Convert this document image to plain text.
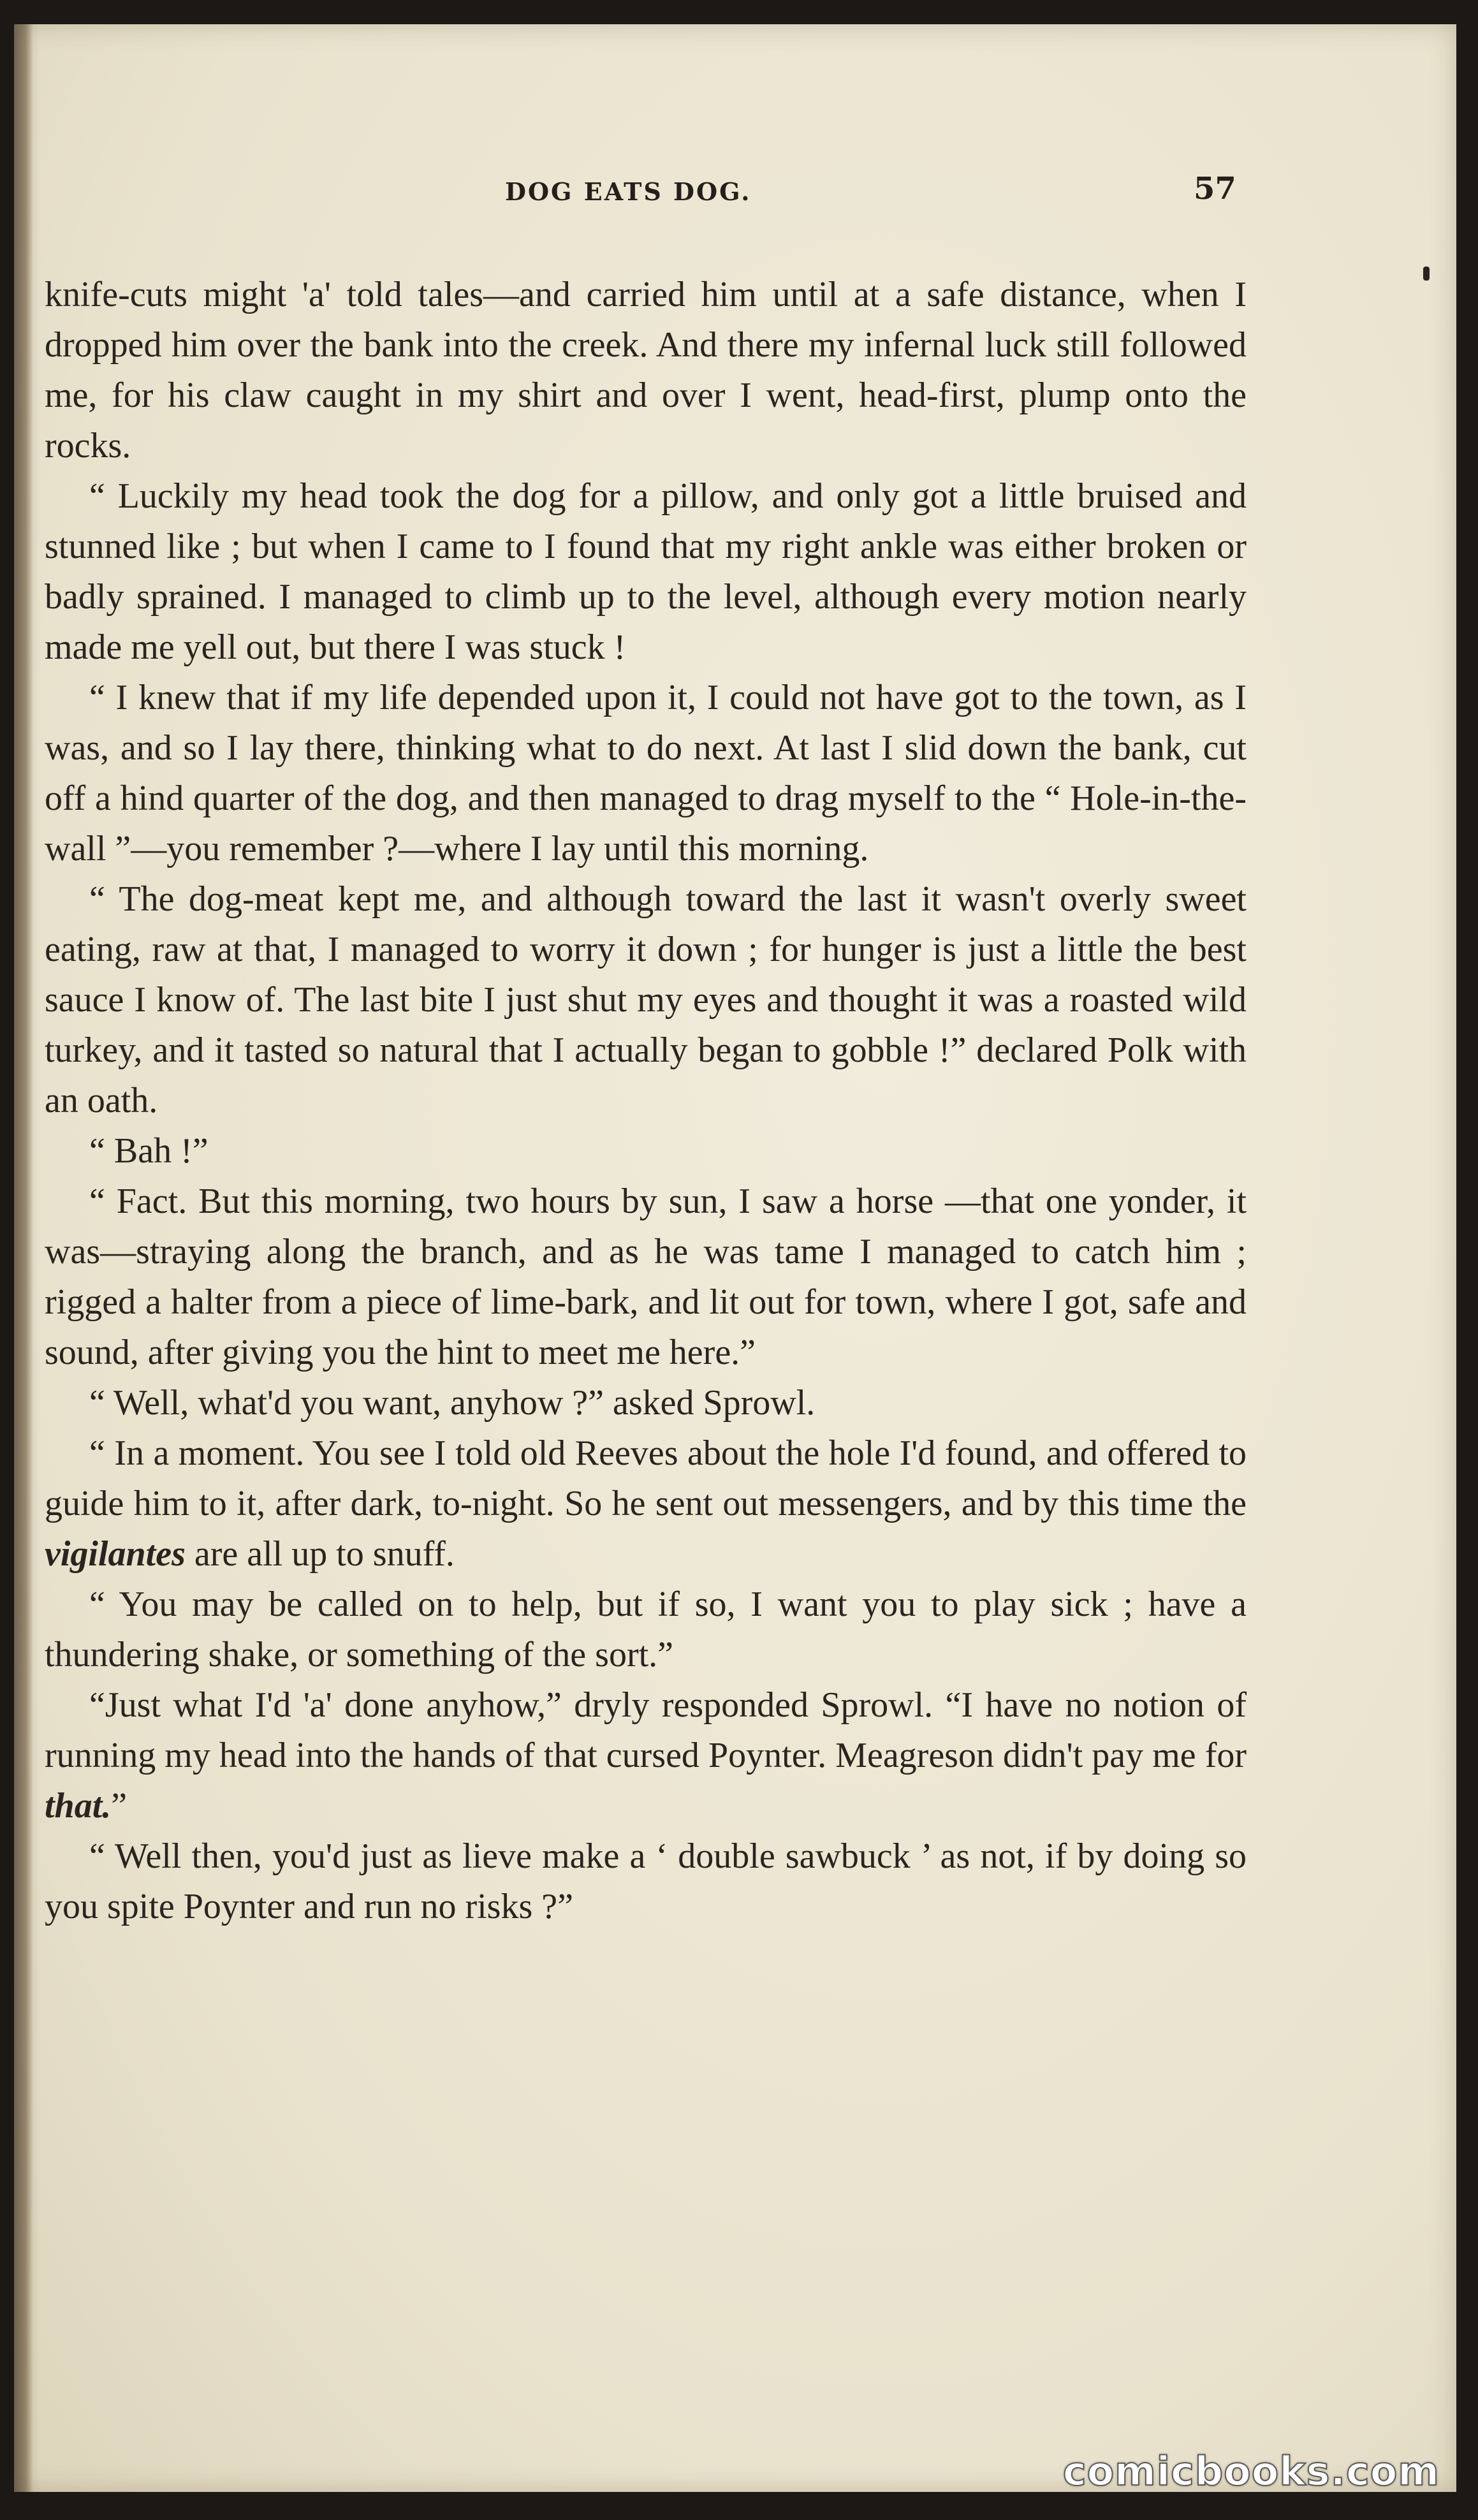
DOG EATS DOG.	57

knife-cuts might 'a' told tales—and carried him until at a safe distance, when I dropped him over the bank into the creek. And there my infernal luck still followed me, for his claw caught in my shirt and over I went, head-first, plump onto the rocks.

“ Luckily my head took the dog for a pillow, and only got a little bruised and stunned like ; but when I came to I found that my right ankle was either broken or badly sprained. I managed to climb up to the level, although every motion nearly made me yell out, but there I was stuck !

“ I knew that if my life depended upon it, I could not have got to the town, as I was, and so I lay there, thinking what to do next. At last I slid down the bank, cut off a hind quarter of the dog, and then managed to drag myself to the “ Hole-in-the-wall ”—you remember ?—where I lay until this morning.

“ The dog-meat kept me, and although toward the last it wasn't overly sweet eating, raw at that, I managed to worry it down ; for hunger is just a little the best sauce I know of. The last bite I just shut my eyes and thought it was a roasted wild turkey, and it tasted so natural that I actually began to gobble !” declared Polk with an oath.

“ Bah !”

“ Fact. But this morning, two hours by sun, I saw a horse —that one yonder, it was—straying along the branch, and as he was tame I managed to catch him ; rigged a halter from a piece of lime-bark, and lit out for town, where I got, safe and sound, after giving you the hint to meet me here.”

“ Well, what'd you want, anyhow ?” asked Sprowl.

“ In a moment. You see I told old Reeves about the hole I'd found, and offered to guide him to it, after dark, to-night. So he sent out messengers, and by this time the vigilantes are all up to snuff.

“ You may be called on to help, but if so, I want you to play sick ; have a thundering shake, or something of the sort.”

“Just what I'd 'a' done anyhow,” dryly responded Sprowl. “I have no notion of running my head into the hands of that cursed Poynter. Meagreson didn't pay me for that.”

“ Well then, you'd just as lieve make a ‘ double sawbuck ’ as not, if by doing so you spite Poynter and run no risks ?”

comicbooks.com
